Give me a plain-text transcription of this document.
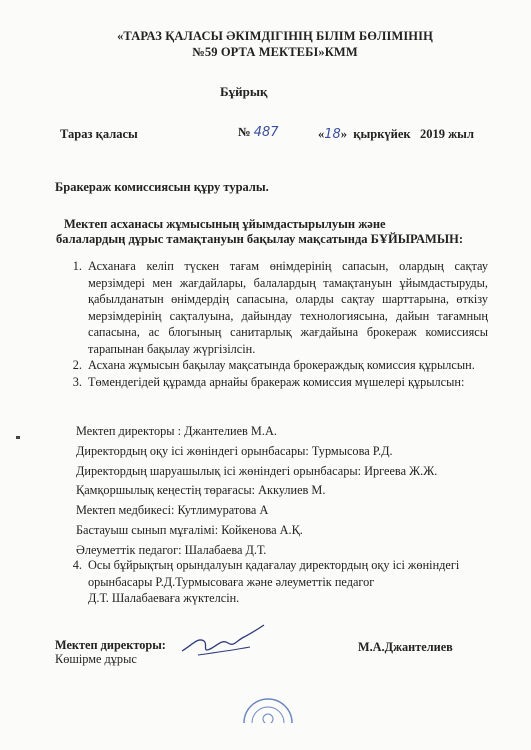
«ТАРАЗ ҚАЛАСЫ ӘКІМДІГІНІҢ БІЛІМ БӨЛІМІНІҢ
№59 ОРТА МЕКТЕБІ»КММ
Бұйрық
Тараз қаласы	№ 487	«18»  қыркүйек   2019 жыл
Бракераж комиссиясын құру туралы.
Мектеп асханасы жұмысының ұйымдастырылуын және
балалардың дұрыс тамақтануын бақылау мақсатында БҰЙЫРАМЫН:
1. Асханаға келіп түскен тағам өнімдерінің сапасын, олардың сақтау мерзімдері мен жағдайлары, балалардың тамақтануын ұйымдастыруды, қабылданатын өнімдердің сапасына, оларды сақтау шарттарына, өткізу мерзімдерінің сақталуына, дайындау технологиясына, дайын тағамның сапасына, ас блогының санитарлық жағдайына брокераж комиссиясы тарапынан бақылау жүргізілсін.
2. Асхана жұмысын бақылау мақсатында брокераждық комиссия құрылсын.
3. Төмендегідей құрамда арнайы бракераж комиссия мүшелері құрылсын:
Мектеп директоры : Джантелиев М.А.
Директордың оқу ісі жөніндегі орынбасары: Турмысова Р.Д.
Директордың шаруашылық ісі жөніндегі орынбасары: Иргеева Ж.Ж.
Қамқоршылық кеңестің төрағасы: Аккулиев М.
Мектеп медбикесі: Кутлимуратова А
Бастауыш сынып мұғалімі: Койкенова А.Қ.
Әлеуметтік педагог: Шалабаева Д.Т.
4. Осы бұйрықтың орындалуын қадағалау директордың оқу ісі жөніндегі
орынбасары Р.Д.Турмысоваға және әлеуметтік педагог
Д.Т. Шалабаеваға жүктелсін.
Мектеп директоры:
Көшірме дұрыс
М.А.Джантелиев
